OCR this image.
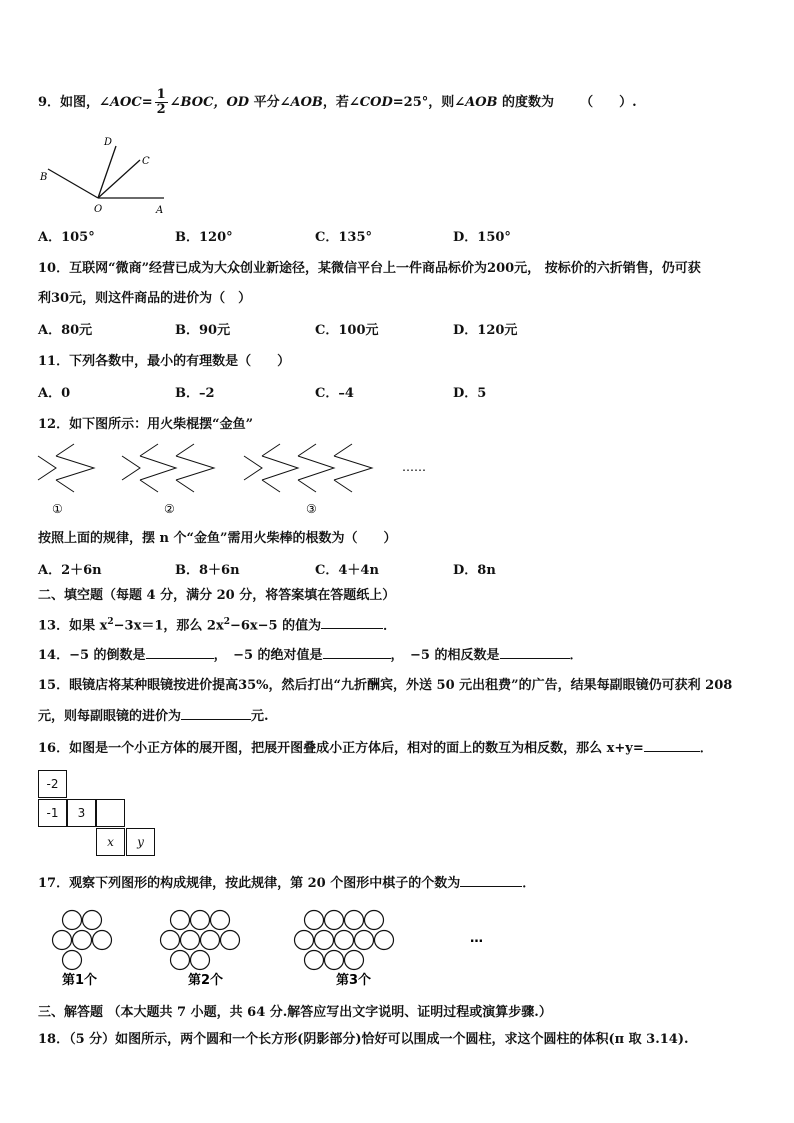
9．如图，∠AOC= $\frac{1}{2}$ ∠BOC，OD 平分∠AOB，若∠COD=25°，则∠AOB 的度数为 （　　）.
D
C
B
O	A
A．105°	B．120°	C．135°	D．150°
10．互联网“微商”经营已成为大众创业新途径，某微信平台上一件商品标价为200元， 按标价的六折销售，仍可获
利30元，则这件商品的进价为（　）
A．80元	B．90元	C．100元	D．120元
11．下列各数中，最小的有理数是（　　）
A．0	B．–2	C．–4	D．5
12．如下图所示：用火柴棍摆“金鱼”
①	②	③
……
按照上面的规律，摆 n 个“金鱼”需用火柴棒的根数为（　　）
A．2＋6n	B．8＋6n	C．4＋4n	D．8n
二、填空题（每题 4 分，满分 20 分，将答案填在答题纸上）
13．如果 $x^2-3x=1$，那么 $2x^2-6x-5$ 的值为	．
14．−5 的倒数是	，　−5 的绝对值是	，　−5 的相反数是	．
15．眼镜店将某种眼镜按进价提高35%，然后打出“九折酬宾，外送 50 元出租费”的广告，结果每副眼镜仍可获利 208
元，则每副眼镜的进价为	元.
16．如图是一个小正方体的展开图，把展开图叠成小正方体后，相对的面上的数互为相反数，那么 x+y=	．
-2
-1	3
x	y
17．观察下列图形的构成规律，按此规律，第 20 个图形中棋子的个数为	．
第1个	第2个	第3个
…
三、解答题 （本大题共 7 小题，共 64 分.解答应写出文字说明、证明过程或演算步骤.）
18．（5 分）如图所示，两个圆和一个长方形(阴影部分)恰好可以围成一个圆柱，求这个圆柱的体积(π 取 3.14).
